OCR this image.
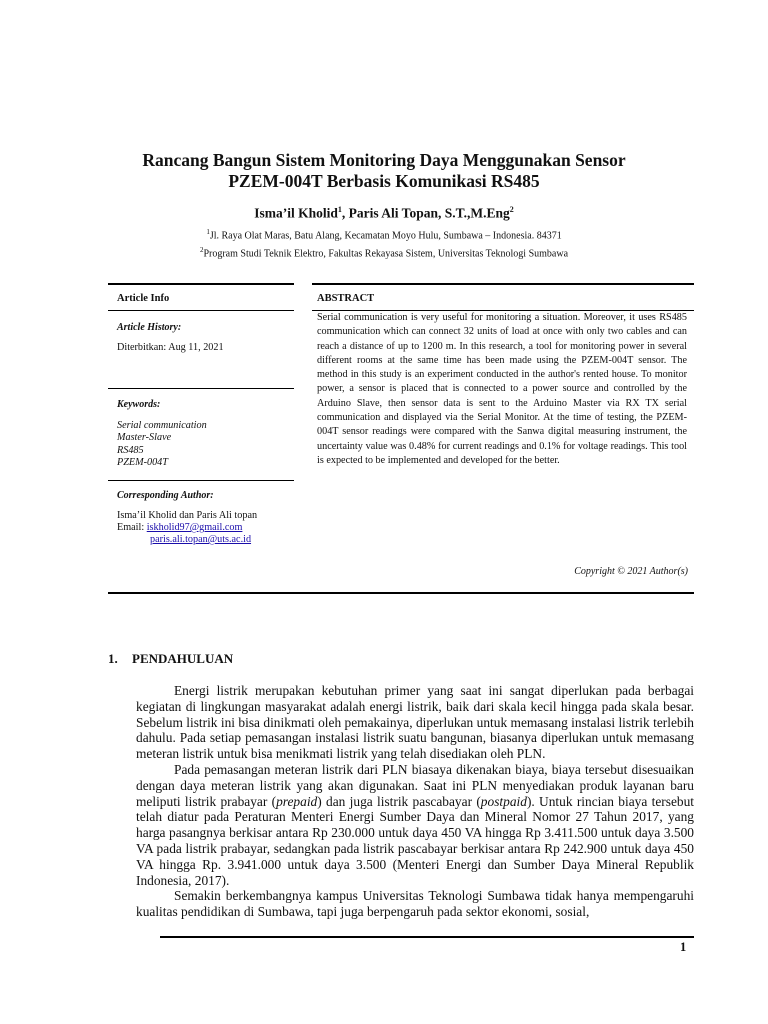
Rancang Bangun Sistem Monitoring Daya Menggunakan Sensor
PZEM-004T Berbasis Komunikasi RS485
Isma’il Kholid$^1$, Paris Ali Topan, S.T.,M.Eng$^2$
$^1$Jl. Raya Olat Maras, Batu Alang, Kecamatan Moyo Hulu, Sumbawa – Indonesia. 84371
$^2$Program Studi Teknik Elektro, Fakultas Rekayasa Sistem, Universitas Teknologi Sumbawa
Article Info
Article History:
Diterbitkan: Aug 11, 2021
Keywords:
Serial communication
Master-Slave
RS485
PZEM-004T
Corresponding Author:
Isma’il Kholid dan Paris Ali topan
Email: iskholid97@gmail.com
paris.ali.topan@uts.ac.id
ABSTRACT
Serial communication is very useful for monitoring a situation. Moreover, it uses RS485 communication which can connect 32 units of load at once with only two cables and can reach a distance of up to 1200 m. In this research, a tool for monitoring power in several different rooms at the same time has been made using the PZEM-004T sensor. The method in this study is an experiment conducted in the author's rented house. To monitor power, a sensor is placed that is connected to a power source and controlled by the Arduino Slave, then sensor data is sent to the Arduino Master via RX TX serial communication and displayed via the Serial Monitor. At the time of testing, the PZEM-004T sensor readings were compared with the Sanwa digital measuring instrument, the uncertainty value was 0.48% for current readings and 0.1% for voltage readings. This tool is expected to be implemented and developed for the better.
Copyright © 2021 Author(s)
1. PENDAHULUAN

Energi listrik merupakan kebutuhan primer yang saat ini sangat diperlukan pada berbagai kegiatan di lingkungan masyarakat adalah energi listrik, baik dari skala kecil hingga pada skala besar. Sebelum listrik ini bisa dinikmati oleh pemakainya, diperlukan untuk memasang instalasi listrik terlebih dahulu. Pada setiap pemasangan instalasi listrik suatu bangunan, biasanya diperlukan untuk memasang meteran listrik untuk bisa menikmati listrik yang telah disediakan oleh PLN.

Pada pemasangan meteran listrik dari PLN biasaya dikenakan biaya, biaya tersebut disesuaikan dengan daya meteran listrik yang akan digunakan. Saat ini PLN menyediakan produk layanan baru meliputi listrik prabayar (prepaid) dan juga listrik pascabayar (postpaid). Untuk rincian biaya tersebut telah diatur pada Peraturan Menteri Energi Sumber Daya dan Mineral Nomor 27 Tahun 2017, yang harga pasangnya berkisar antara Rp 230.000 untuk daya 450 VA hingga Rp 3.411.500 untuk daya 3.500 VA pada listrik prabayar, sedangkan pada listrik pascabayar berkisar antara Rp 242.900 untuk daya 450 VA hingga Rp. 3.941.000 untuk daya 3.500 (Menteri Energi dan Sumber Daya Mineral Republik Indonesia, 2017).

Semakin berkembangnya kampus Universitas Teknologi Sumbawa tidak hanya mempengaruhi kualitas pendidikan di Sumbawa, tapi juga berpengaruh pada sektor ekonomi, sosial,

1
